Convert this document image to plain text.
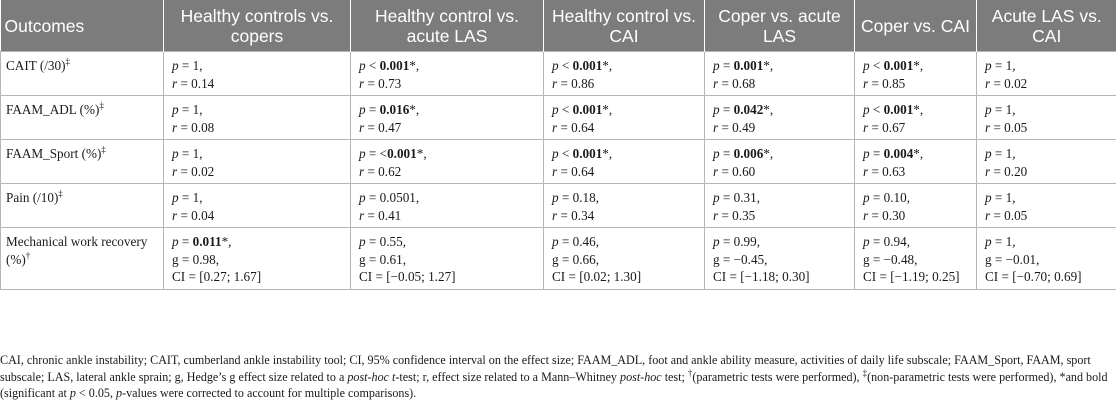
Outcomes	Healthy controls vs. copers	Healthy control vs. acute LAS	Healthy control vs. CAI	Coper vs. acute LAS	Coper vs. CAI	Acute LAS vs. CAI
CAIT (/30)‡	p = 1,
r = 0.14	p < 0.001*,
r = 0.73	p < 0.001*,
r = 0.86	p = 0.001*,
r = 0.68	p < 0.001*,
r = 0.85	p = 1,
r = 0.02

FAAM_ADL (%)‡	p = 1,
r = 0.08	p = 0.016*,
r = 0.47	p < 0.001*,
r = 0.64	p = 0.042*,
r = 0.49	p < 0.001*,
r = 0.67	p = 1,
r = 0.05

FAAM_Sport (%)‡	p = 1,
r = 0.02	p = <0.001*,
r = 0.62	p < 0.001*,
r = 0.64	p = 0.006*,
r = 0.60	p = 0.004*,
r = 0.63	p = 1,
r = 0.20

Pain (/10)‡	p = 1,
r = 0.04	p = 0.0501,
r = 0.41	p = 0.18,
r = 0.34	p = 0.31,
r = 0.35	p = 0.10,
r = 0.30	p = 1,
r = 0.05

Mechanical work recovery (%)†	p = 0.011*,
g = 0.98,
CI = [0.27; 1.67]	p = 0.55,
g = 0.61,
CI = [−0.05; 1.27]	p = 0.46,
g = 0.66,
CI = [0.02; 1.30]	p = 0.99,
g = −0.45,
CI = [−1.18; 0.30]	p = 0.94,
g = −0.48,
CI = [−1.19; 0.25]	p = 1,
g = −0.01,
CI = [−0.70; 0.69]
CAI, chronic ankle instability; CAIT, cumberland ankle instability tool; CI, 95% confidence interval on the effect size; FAAM_ADL, foot and ankle ability measure, activities of daily life subscale; FAAM_Sport, FAAM, sport subscale; LAS, lateral ankle sprain; g, Hedge’s g effect size related to a post-hoc t-test; r, effect size related to a Mann–Whitney post-hoc test; †(parametric tests were performed), ‡(non-parametric tests were performed), *and bold (significant at p < 0.05, p-values were corrected to account for multiple comparisons).
